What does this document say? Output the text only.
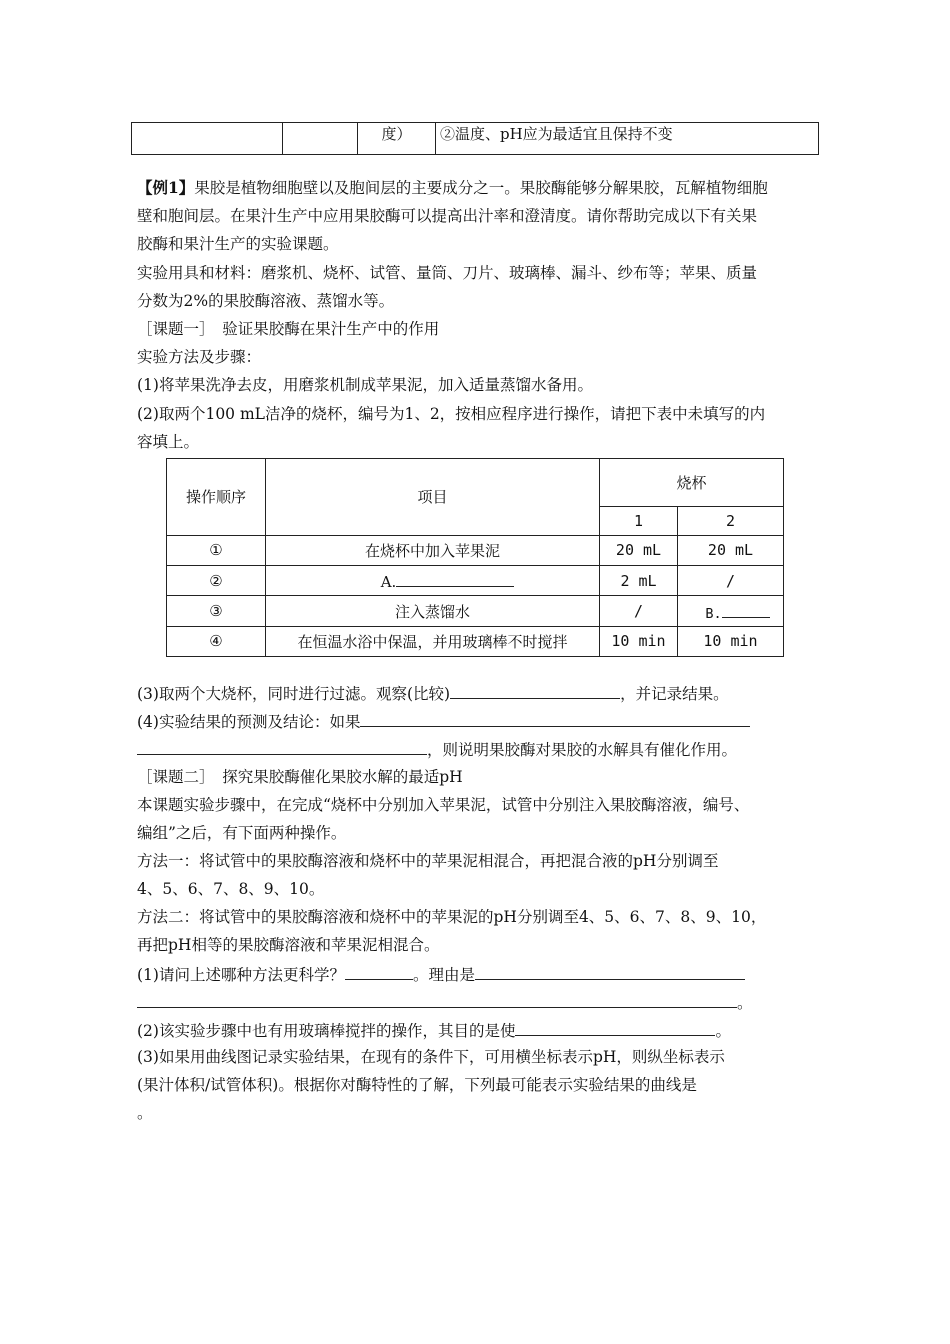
		度）	②温度、pH应为最适宜且保持不变
【例1】果胶是植物细胞壁以及胞间层的主要成分之一。果胶酶能够分解果胶，瓦解植物细胞
壁和胞间层。在果汁生产中应用果胶酶可以提高出汁率和澄清度。请你帮助完成以下有关果
胶酶和果汁生产的实验课题。
实验用具和材料：磨浆机、烧杯、试管、量筒、刀片、玻璃棒、漏斗、纱布等；苹果、质量
分数为2%的果胶酶溶液、蒸馏水等。
［课题一］　验证果胶酶在果汁生产中的作用
实验方法及步骤：
(1)将苹果洗净去皮，用磨浆机制成苹果泥，加入适量蒸馏水备用。
(2)取两个100 mL洁净的烧杯，编号为1、2，按相应程序进行操作，请把下表中未填写的内
容填上。
操作顺序	项目	烧杯	
		1	2
①	在烧杯中加入苹果泥	20 mL	20 mL
②	A.	2 mL	/
③	注入蒸馏水	/	B.
④	在恒温水浴中保温，并用玻璃棒不时搅拌	10 min	10 min
(3)取两个大烧杯，同时进行过滤。观察(比较)	，并记录结果。
(4)实验结果的预测及结论：如果
，则说明果胶酶对果胶的水解具有催化作用。
［课题二］　探究果胶酶催化果胶水解的最适pH
本课题实验步骤中，在完成“烧杯中分别加入苹果泥，试管中分别注入果胶酶溶液，编号、
编组”之后，有下面两种操作。
方法一：将试管中的果胶酶溶液和烧杯中的苹果泥相混合，再把混合液的pH分别调至
4、5、6、7、8、9、10。
方法二：将试管中的果胶酶溶液和烧杯中的苹果泥的pH分别调至4、5、6、7、8、9、10，
再把pH相等的果胶酶溶液和苹果泥相混合。
(1)请问上述哪种方法更科学？	。理由是
。
(2)该实验步骤中也有用玻璃棒搅拌的操作，其目的是使	。
(3)如果用曲线图记录实验结果，在现有的条件下，可用横坐标表示pH，则纵坐标表示
(果汁体积/试管体积)。根据你对酶特性的了解，下列最可能表示实验结果的曲线是
。
